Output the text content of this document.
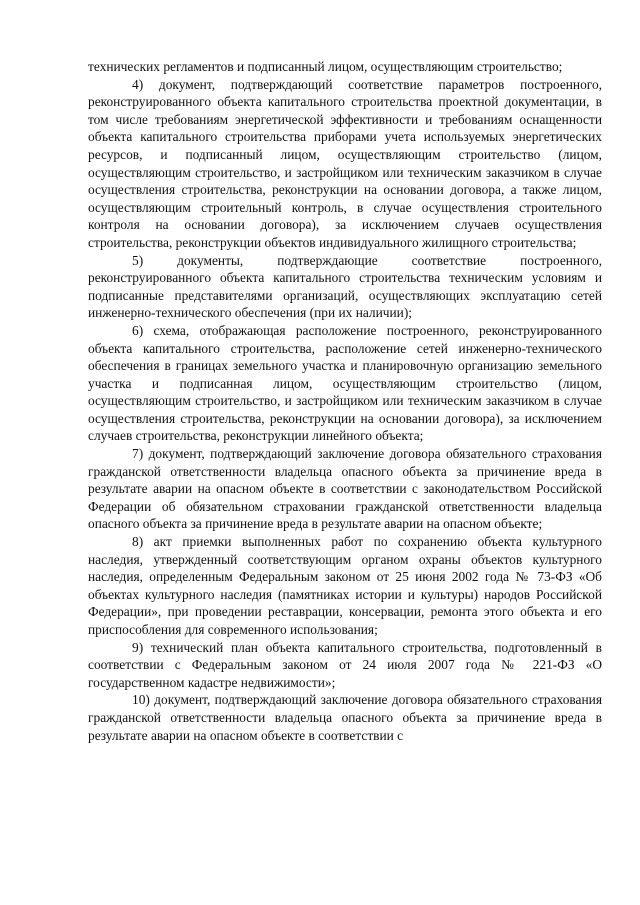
технических регламентов и подписанный лицом, осуществляющим строительство;

4) документ, подтверждающий соответствие параметров построенного, реконструированного объекта капитального строительства проектной документации, в том числе требованиям энергетической эффективности и требованиям оснащенности объекта капитального строительства приборами учета используемых энергетических ресурсов, и подписанный лицом, осуществляющим строительство (лицом, осуществляющим строительство, и застройщиком или техническим заказчиком в случае осуществления строительства, реконструкции на основании договора, а также лицом, осуществляющим строительный контроль, в случае осуществления строительного контроля на основании договора), за исключением случаев осуществления строительства, реконструкции объектов индивидуального жилищного строительства;

5) документы, подтверждающие соответствие построенного, реконструированного объекта капитального строительства техническим условиям и подписанные представителями организаций, осуществляющих эксплуатацию сетей инженерно-технического обеспечения (при их наличии);

6) схема, отображающая расположение построенного, реконструированного объекта капитального строительства, расположение сетей инженерно-технического обеспечения в границах земельного участка и планировочную организацию земельного участка и подписанная лицом, осуществляющим строительство (лицом, осуществляющим строительство, и застройщиком или техническим заказчиком в случае осуществления строительства, реконструкции на основании договора), за исключением случаев строительства, реконструкции линейного объекта;

7) документ, подтверждающий заключение договора обязательного страхования гражданской ответственности владельца опасного объекта за причинение вреда в результате аварии на опасном объекте в соответствии с законодательством Российской Федерации об обязательном страховании гражданской ответственности владельца опасного объекта за причинение вреда в результате аварии на опасном объекте;

8) акт приемки выполненных работ по сохранению объекта культурного наследия, утвержденный соответствующим органом охраны объектов культурного наследия, определенным Федеральным законом от 25 июня 2002 года № 73-ФЗ «Об объектах культурного наследия (памятниках истории и культуры) народов Российской Федерации», при проведении реставрации, консервации, ремонта этого объекта и его приспособления для современного использования;

9) технический план объекта капитального строительства, подготовленный в соответствии с Федеральным законом от 24 июля 2007 года № 221-ФЗ «О государственном кадастре недвижимости»;

10) документ, подтверждающий заключение договора обязательного страхования гражданской ответственности владельца опасного объекта за причинение вреда в результате аварии на опасном объекте в соответствии с
